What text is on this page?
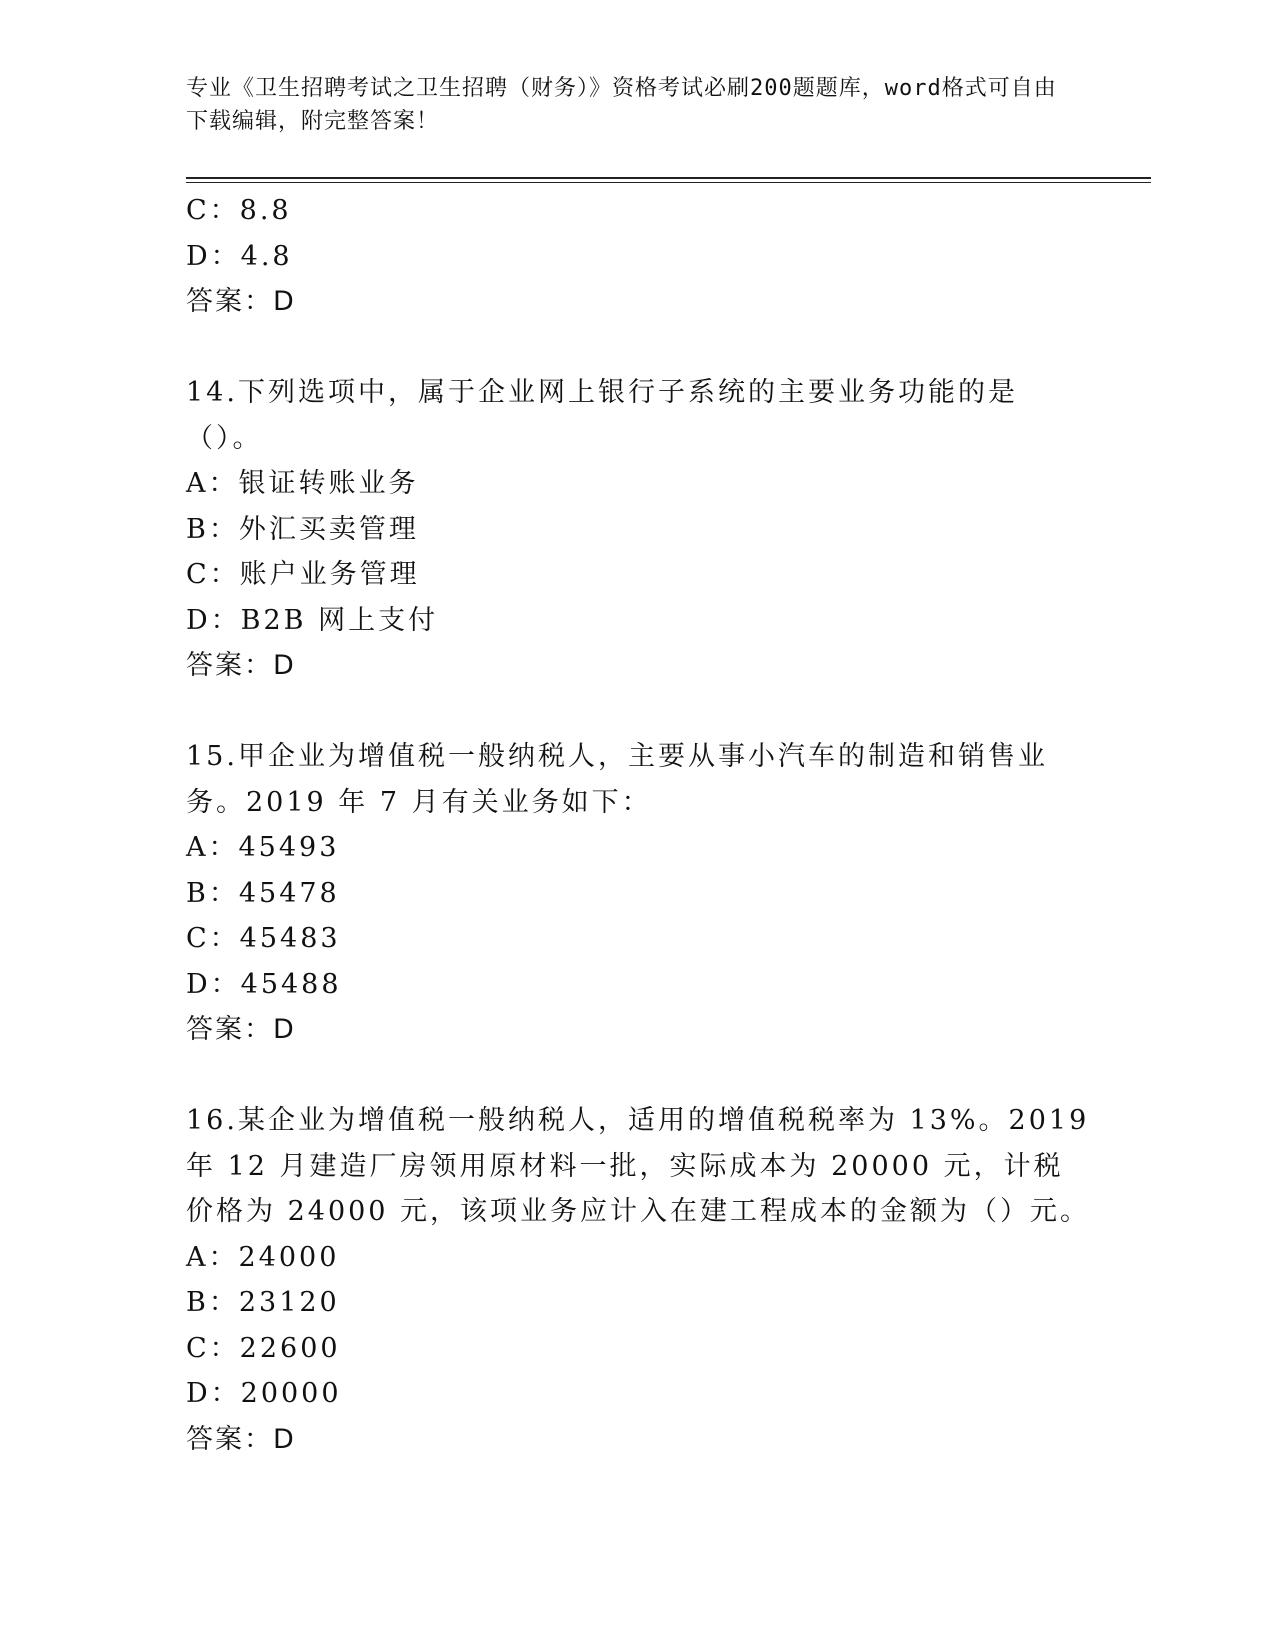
专业《卫生招聘考试之卫生招聘（财务）》资格考试必刷200题题库，word格式可自由下载编辑，附完整答案！
C：8.8
D：4.8
答案：D
14.下列选项中，属于企业网上银行子系统的主要业务功能的是（）。
A：银证转账业务
B：外汇买卖管理
C：账户业务管理
D：B2B 网上支付
答案：D
15.甲企业为增值税一般纳税人，主要从事小汽车的制造和销售业务。2019 年 7 月有关业务如下：
A：45493
B：45478
C：45483
D：45488
答案：D
16.某企业为增值税一般纳税人，适用的增值税税率为 13%。2019 年 12 月建造厂房领用原材料一批，实际成本为 20000 元，计税价格为 24000 元，该项业务应计入在建工程成本的金额为（）元。
A：24000
B：23120
C：22600
D：20000
答案：D
